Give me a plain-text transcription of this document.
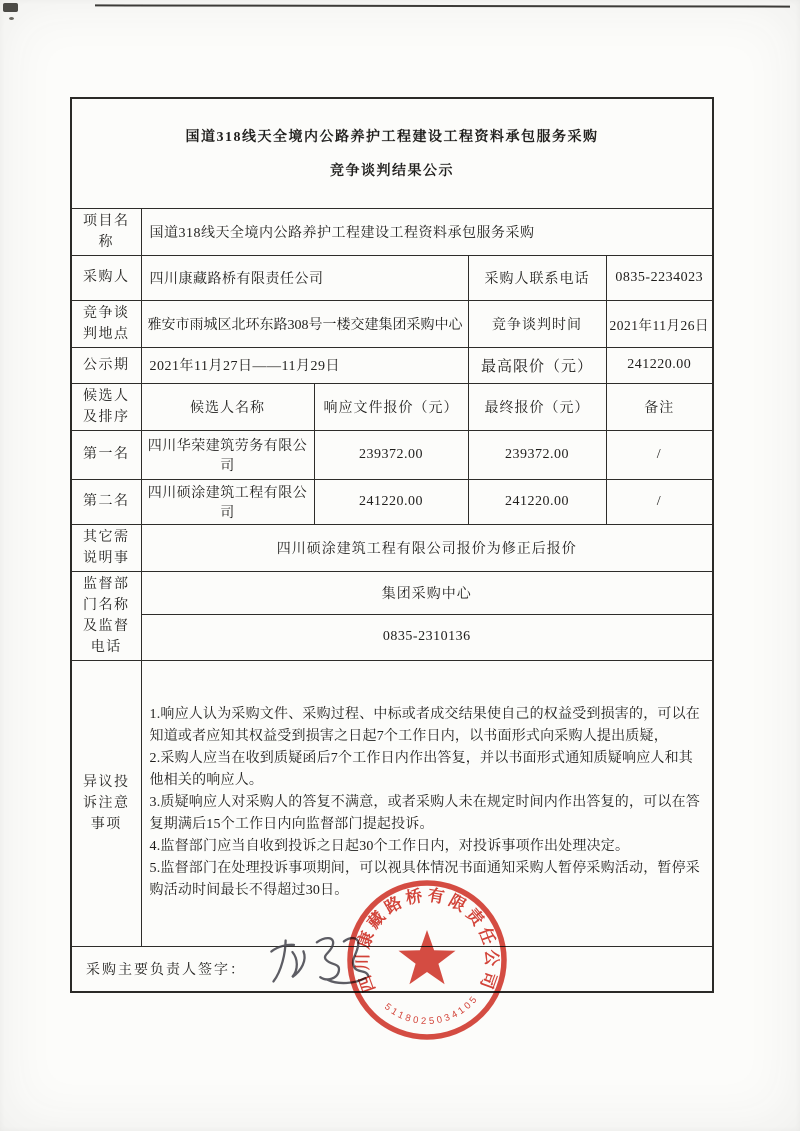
国道318线天全境内公路养护工程建设工程资料承包服务采购
竞争谈判结果公示				

项目名称	国道318线天全境内公路养护工程建设工程资料承包服务采购			
采购人	四川康藏路桥有限责任公司		采购人联系电话	0835-2234023
竞争谈判地点	雅安市雨城区北环东路308号一楼交建集团采购中心		竞争谈判时间	2021年11月26日
公示期	2021年11月27日——11月29日		最高限价（元）	241220.00
候选人及排序	候选人名称	响应文件报价（元）	最终报价（元）	备注
第一名	四川华荣建筑劳务有限公司	239372.00	239372.00	/
第二名	四川硕涂建筑工程有限公司	241220.00	241220.00	/
其它需说明事	四川硕涂建筑工程有限公司报价为修正后报价			
监督部门名称及监督电话	集团采购中心			
	0835-2310136			
异议投诉注意事项	1.响应人认为采购文件、采购过程、中标或者成交结果使自己的权益受到损害的，可以在知道或者应知其权益受到损害之日起7个工作日内，以书面形式向采购人提出质疑，
2.采购人应当在收到质疑函后7个工作日内作出答复，并以书面形式通知质疑响应人和其他相关的响应人。
3.质疑响应人对采购人的答复不满意，或者采购人未在规定时间内作出答复的，可以在答复期满后15个工作日内向监督部门提起投诉。
4.监督部门应当自收到投诉之日起30个工作日内，对投诉事项作出处理决定。
5.监督部门在处理投诉事项期间，可以视具体情况书面通知采购人暂停采购活动，暂停采购活动时间最长不得超过30日。			

采购主要负责人签字：					四川康藏路桥有限责任公司
5118025034105
